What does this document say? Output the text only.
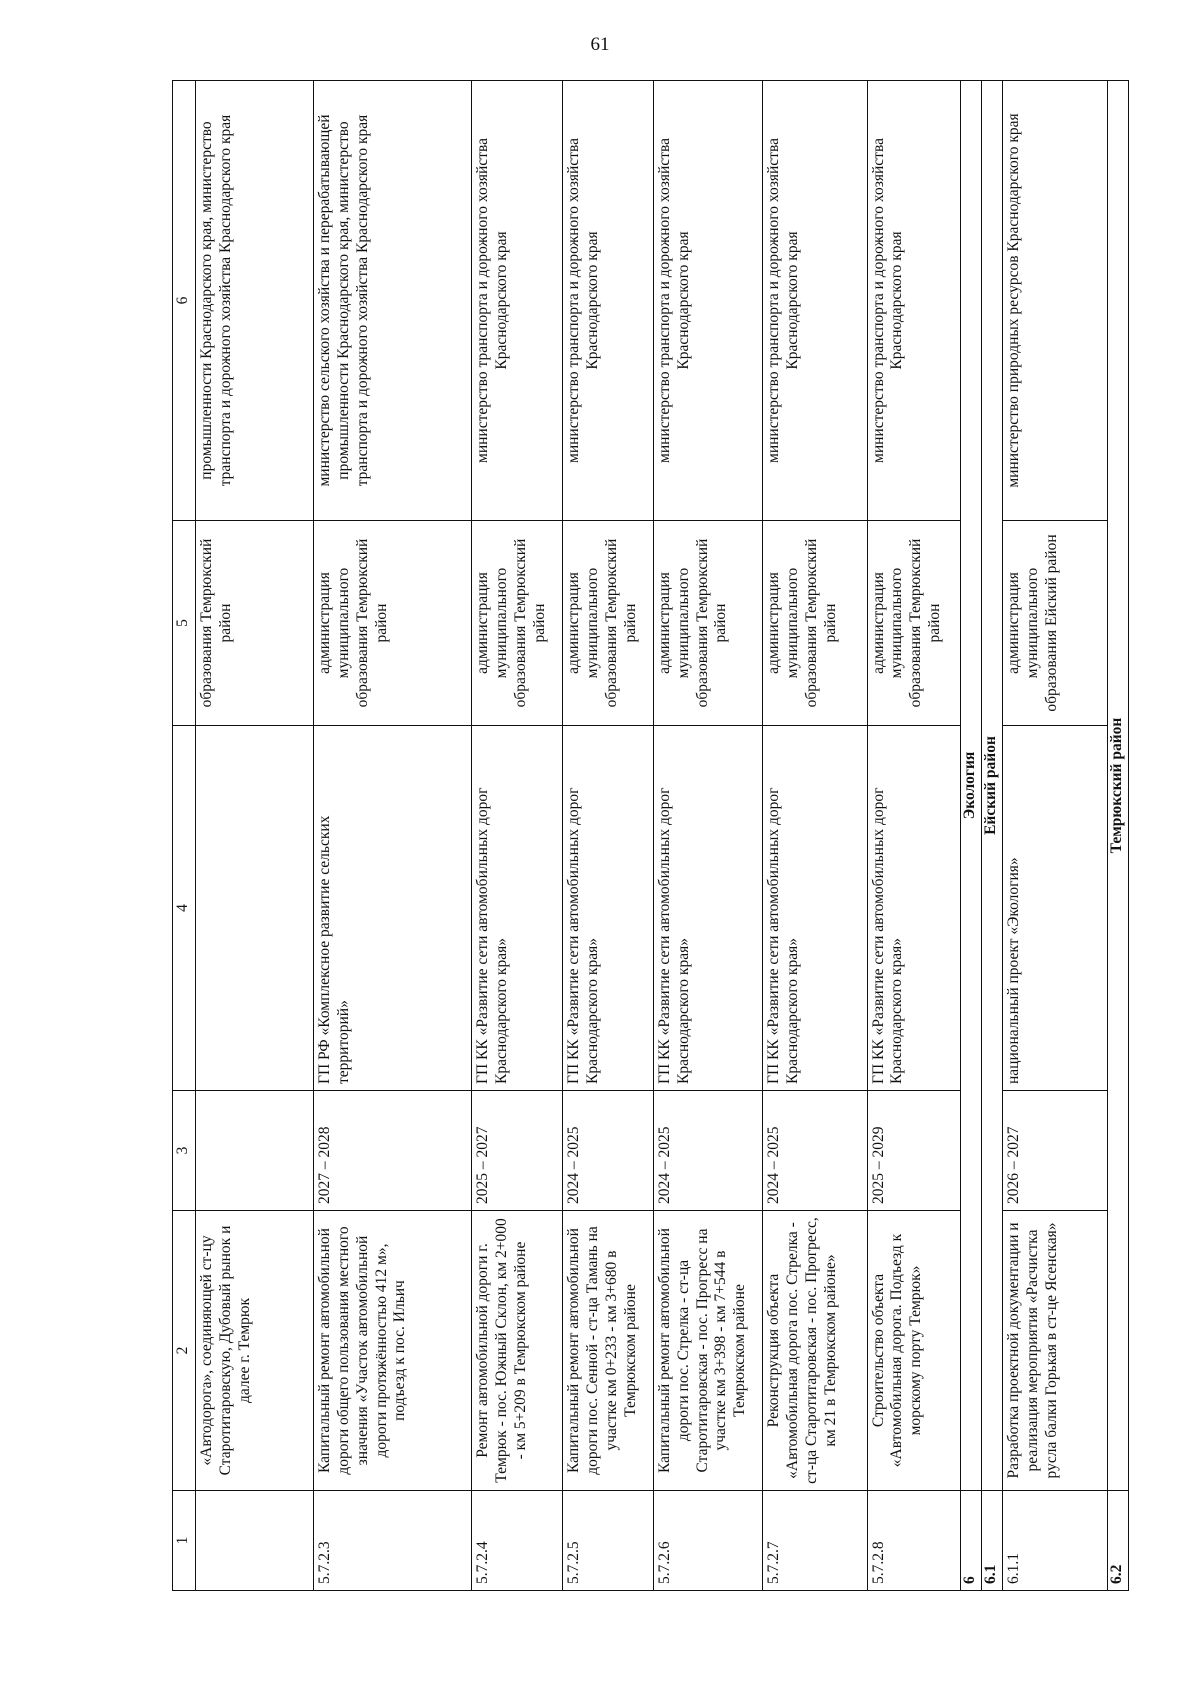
61
1	2	3	4	5	6
	«Автодорога», соединяющей ст-цу Старотитаровскую, Дубовый рынок и далее г. Темрюк			образования Темрюкский район	промышленности Краснодарского края, министерство транспорта и дорожного хозяйства Краснодарского края
5.7.2.3	Капитальный ремонт автомобильной дороги общего пользования местного значения «Участок автомобильной дороги протяжённостью 412 м», подъезд к пос. Ильич	2027 – 2028	ГП РФ «Комплексное развитие сельских территорий»	администрация муниципального образования Темрюкский район	министерство сельского хозяйства и перерабатывающей промышленности Краснодарского края, министерство транспорта и дорожного хозяйства Краснодарского края
5.7.2.4	Ремонт автомобильной дороги г. Темрюк - пос. Южный Склон, км 2+000 - км 5+209 в Темрюкском районе	2025 – 2027	ГП КК «Развитие сети автомобильных дорог Краснодарского края»	администрация муниципального образования Темрюкский район	министерство транспорта и дорожного хозяйства Краснодарского края
5.7.2.5	Капитальный ремонт автомобильной дороги пос. Сенной - ст-ца Тамань на участке км 0+233 - км 3+680 в Темрюкском районе	2024 – 2025	ГП КК «Развитие сети автомобильных дорог Краснодарского края»	администрация муниципального образования Темрюкский район	министерство транспорта и дорожного хозяйства Краснодарского края
5.7.2.6	Капитальный ремонт автомобильной дороги пос. Стрелка - ст-ца Старотитаровская - пос. Прогресс на участке км 3+398 - км 7+544 в Темрюкском районе	2024 – 2025	ГП КК «Развитие сети автомобильных дорог Краснодарского края»	администрация муниципального образования Темрюкский район	министерство транспорта и дорожного хозяйства Краснодарского края
5.7.2.7	Реконструкция объекта «Автомобильная дорога пос. Стрелка - ст-ца Старотитаровская - пос. Прогресс, км 21 в Темрюкском районе»	2024 – 2025	ГП КК «Развитие сети автомобильных дорог Краснодарского края»	администрация муниципального образования Темрюкский район	министерство транспорта и дорожного хозяйства Краснодарского края
5.7.2.8	Строительство объекта «Автомобильная дорога. Подъезд к морскому порту Темрюк»	2025 – 2029	ГП КК «Развитие сети автомобильных дорог Краснодарского края»	администрация муниципального образования Темрюкский район	министерство транспорта и дорожного хозяйства Краснодарского края
6	Экология				
6.1	Ейский район				
6.1.1	Разработка проектной документации и реализация мероприятия «Расчистка русла балки Горькая в ст-це Ясенская»	2026 – 2027	национальный проект «Экология»	администрация муниципального образования Ейский район	министерство природных ресурсов Краснодарского края
6.2	Темрюкский район				
